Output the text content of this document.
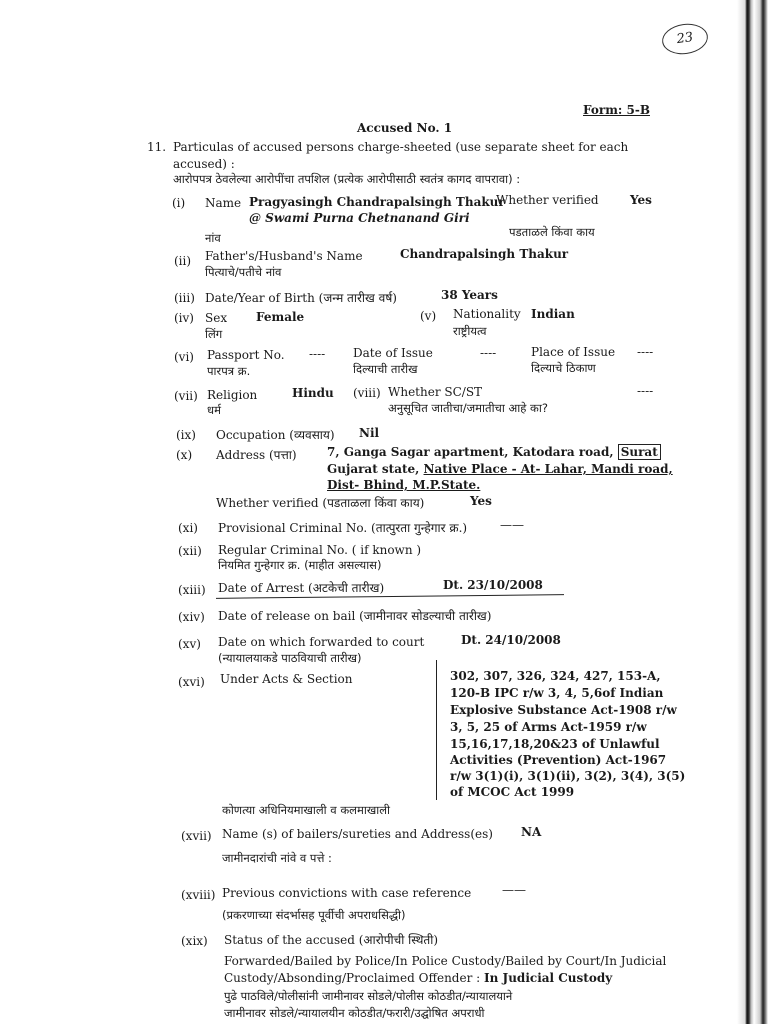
23
Form: 5-B
Accused No. 1
11. Particulas of accused persons charge-sheeted (use separate sheet for each
accused) :
आरोपपत्र ठेवलेल्या आरोपींचा तपशिल (प्रत्येक आरोपीसाठी स्वतंत्र कागद वापरावा) :
(i) Name Pragyasingh Chandrapalsingh Thakur
@ Swami Purna Chetnanand Giri
Whether verified	Yes
नांव	पडताळले किंवा काय
(ii) Father's/Husband's Name	Chandrapalsingh Thakur
पित्याचे/पतीचे नांव
(iii) Date/Year of Birth (जन्म तारीख वर्ष)	38 Years
(iv) Sex Female
लिंग
(v) Nationality Indian
राष्ट्रीयत्व
(vi) Passport No. ---- Date of Issue	----	Place of Issue ----
पारपत्र क्र.	दिल्याची तारीख	दिल्याचे ठिकाण
(vii) Religion	Hindu
धर्म
(viii) Whether SC/ST	----
अनुसूचित जातीचा/जमातीचा आहे का?
(ix) Occupation (व्यवसाय) Nil
(x) Address (पत्ता)	7, Ganga Sagar apartment, Katodara road, Surat
Gujarat state, Native Place - At- Lahar, Mandi road,
Dist- Bhind, M.P.State.
Whether verified (पडताळला किंवा काय)	Yes
(xi) Provisional Criminal No. (तात्पुरता गुन्हेगार क्र.)	——
(xii) Regular Criminal No. ( if known )
नियमित गुन्हेगार क्र. (माहीत असल्यास)
(xiii) Date of Arrest (अटकेची तारीख)	Dt. 23/10/2008
(xiv) Date of release on bail (जामीनावर सोडल्याची तारीख)
(xv) Date on which forwarded to court	Dt. 24/10/2008
(न्यायालयाकडे पाठवियाची तारीख)
(xvi) Under Acts & Section	302, 307, 326, 324, 427, 153-A,
120-B IPC r/w 3, 4, 5,6of Indian
Explosive Substance Act-1908 r/w
3, 5, 25 of Arms Act-1959 r/w
15,16,17,18,20&23 of Unlawful
Activities (Prevention) Act-1967
r/w 3(1)(i), 3(1)(ii), 3(2), 3(4), 3(5)
of MCOC Act 1999
कोणत्या अधिनियमाखाली व कलमाखाली
(xvii) Name (s) of bailers/sureties and Address(es) NA
जामीनदारांची नांवे व पत्ते :
(xviii) Previous convictions with case reference	——
(प्रकरणाच्या संदर्भासह पूर्वीची अपराधसिद्धी)
(xix) Status of the accused (आरोपीची स्थिती)
Forwarded/Bailed by Police/In Police Custody/Bailed by Court/In Judicial
Custody/Absonding/Proclaimed Offender : In Judicial Custody
पुढे पाठविले/पोलीसांनी जामीनावर सोडले/पोलीस कोठडीत/न्यायालयाने
जामीनावर सोडले/न्यायालयीन कोठडीत/फरारी/उद्घोषित अपराधी
